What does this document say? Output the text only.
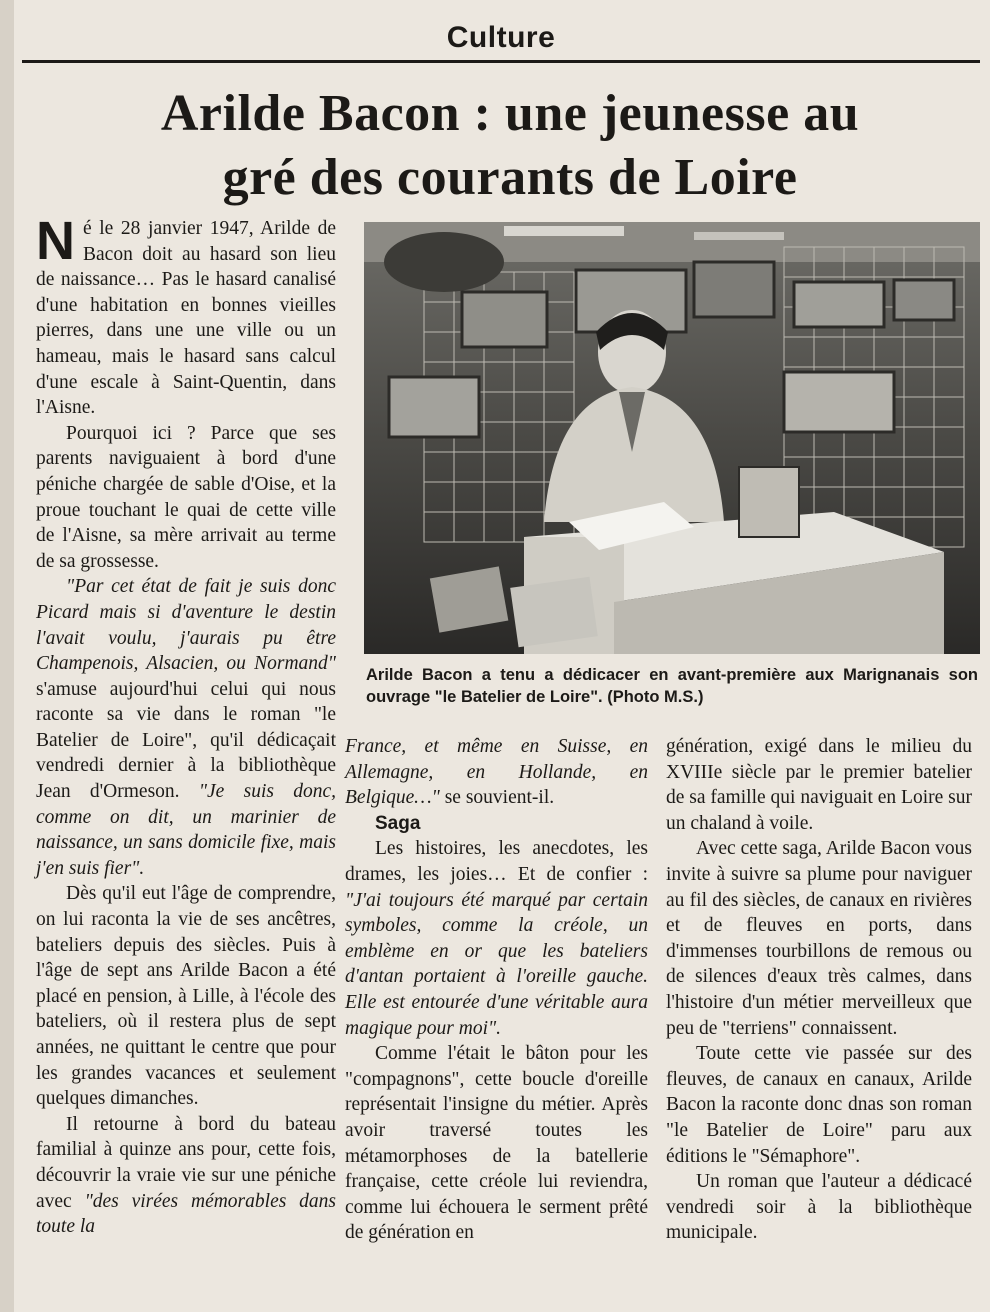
Culture
Arilde Bacon : une jeunesse au
gré des courants de Loire

Né le 28 janvier 1947, Arilde de Bacon doit au hasard son lieu de naissance… Pas le hasard canalisé d'une habitation en bonnes vieilles pierres, dans une une ville ou un hameau, mais le hasard sans calcul d'une escale à Saint-Quentin, dans l'Aisne.

Pourquoi ici ? Parce que ses parents naviguaient à bord d'une péniche chargée de sable d'Oise, et la proue touchant le quai de cette ville de l'Aisne, sa mère arrivait au terme de sa grossesse.

"Par cet état de fait je suis donc Picard mais si d'aventure le destin l'avait voulu, j'aurais pu être Champenois, Alsacien, ou Normand" s'amuse aujourd'hui celui qui nous raconte sa vie dans le roman "le Batelier de Loire", qu'il dédicaçait vendredi dernier à la bibliothèque Jean d'Ormeson. "Je suis donc, comme on dit, un marinier de naissance, un sans domicile fixe, mais j'en suis fier".

Dès qu'il eut l'âge de comprendre, on lui raconta la vie de ses ancêtres, bateliers depuis des siècles. Puis à l'âge de sept ans Arilde Bacon a été placé en pension, à Lille, à l'école des bateliers, où il restera plus de sept années, ne quittant le centre que pour les grandes vacances et seulement quelques dimanches.

Il retourne à bord du bateau familial à quinze ans pour, cette fois, découvrir la vraie vie sur une péniche avec "des virées mémorables dans toute la

Arilde Bacon a tenu a dédicacer en avant-première aux Marignanais son ouvrage "le Batelier de Loire". (Photo M.S.)

France, et même en Suisse, en Allemagne, en Hollande, en Belgique…" se souvient-il.

Saga

Les histoires, les anecdotes, les drames, les joies… Et de confier : "J'ai toujours été marqué par certain symboles, comme la créole, un emblème en or que les bateliers d'antan portaient à l'oreille gauche. Elle est entourée d'une véritable aura magique pour moi".

Comme l'était le bâton pour les "compagnons", cette boucle d'oreille représentait l'insigne du métier. Après avoir traversé toutes les métamorphoses de la batellerie française, cette créole lui reviendra, comme lui échouera le serment prêté de génération en

génération, exigé dans le milieu du XVIIIe siècle par le premier batelier de sa famille qui naviguait en Loire sur un chaland à voile.

Avec cette saga, Arilde Bacon vous invite à suivre sa plume pour naviguer au fil des siècles, de canaux en rivières et de fleuves en ports, dans d'immenses tourbillons de remous ou de silences d'eaux très calmes, dans l'histoire d'un métier merveilleux que peu de "terriens" connaissent.

Toute cette vie passée sur des fleuves, de canaux en canaux, Arilde Bacon la raconte donc dnas son roman "le Batelier de Loire" paru aux éditions le "Sémaphore".

Un roman que l'auteur a dédicacé vendredi soir à la bibliothèque municipale.
